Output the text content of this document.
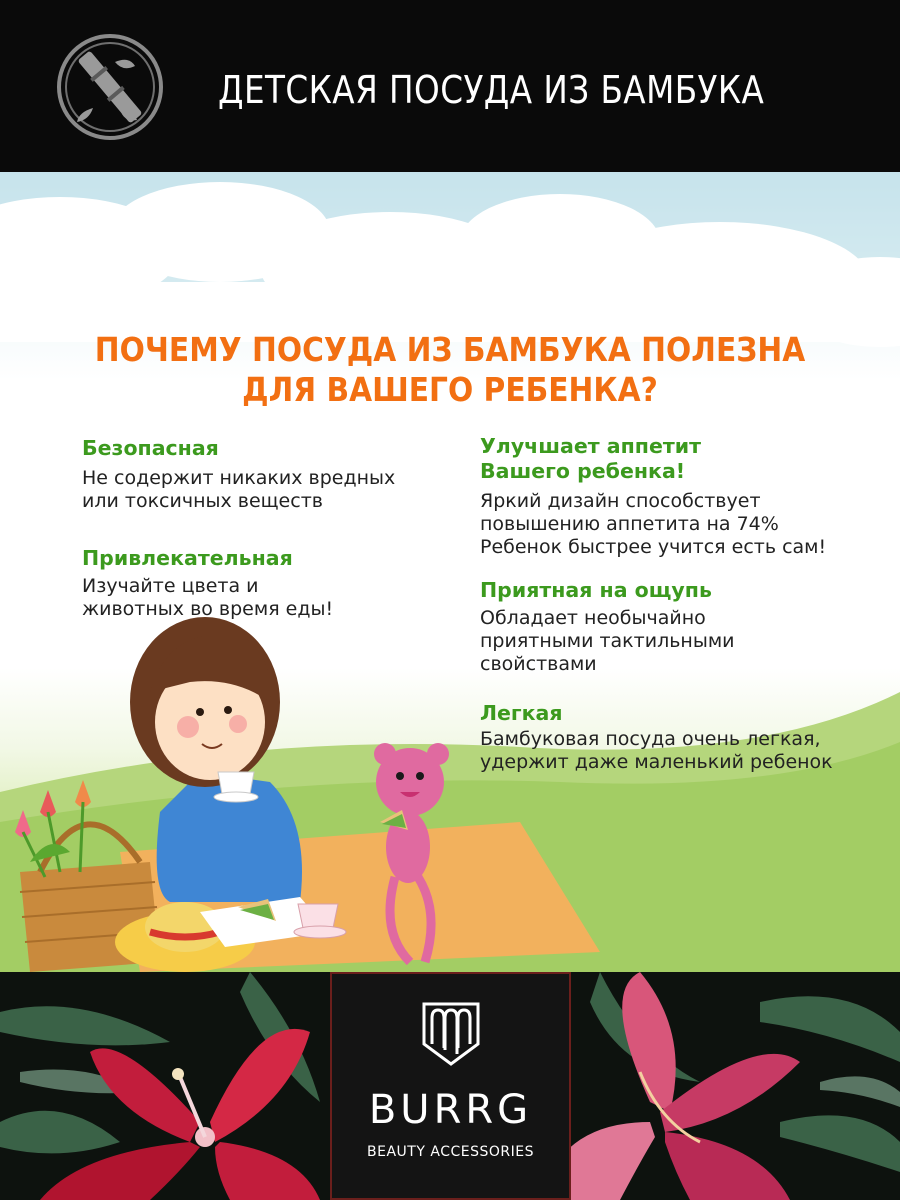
ДЕТСКАЯ ПОСУДА ИЗ БАМБУКА
ПОЧЕМУ ПОСУДА ИЗ БАМБУКА ПОЛЕЗНА
ДЛЯ ВАШЕГО РЕБЕНКА?
Безопасная
Не содержит никаких вредных
или токсичных веществ
Привлекательная
Изучайте цвета и
животных во время еды!
Улучшает аппетит
Вашего ребенка!
Яркий дизайн способствует
повышению аппетита на 74%
Ребенок быстрее учится есть сам!
Приятная на ощупь
Обладает необычайно
приятными тактильными
свойствами
Легкая
Бамбуковая посуда очень легкая,
удержит даже маленький ребенок
BURRG
BEAUTY ACCESSORIES
